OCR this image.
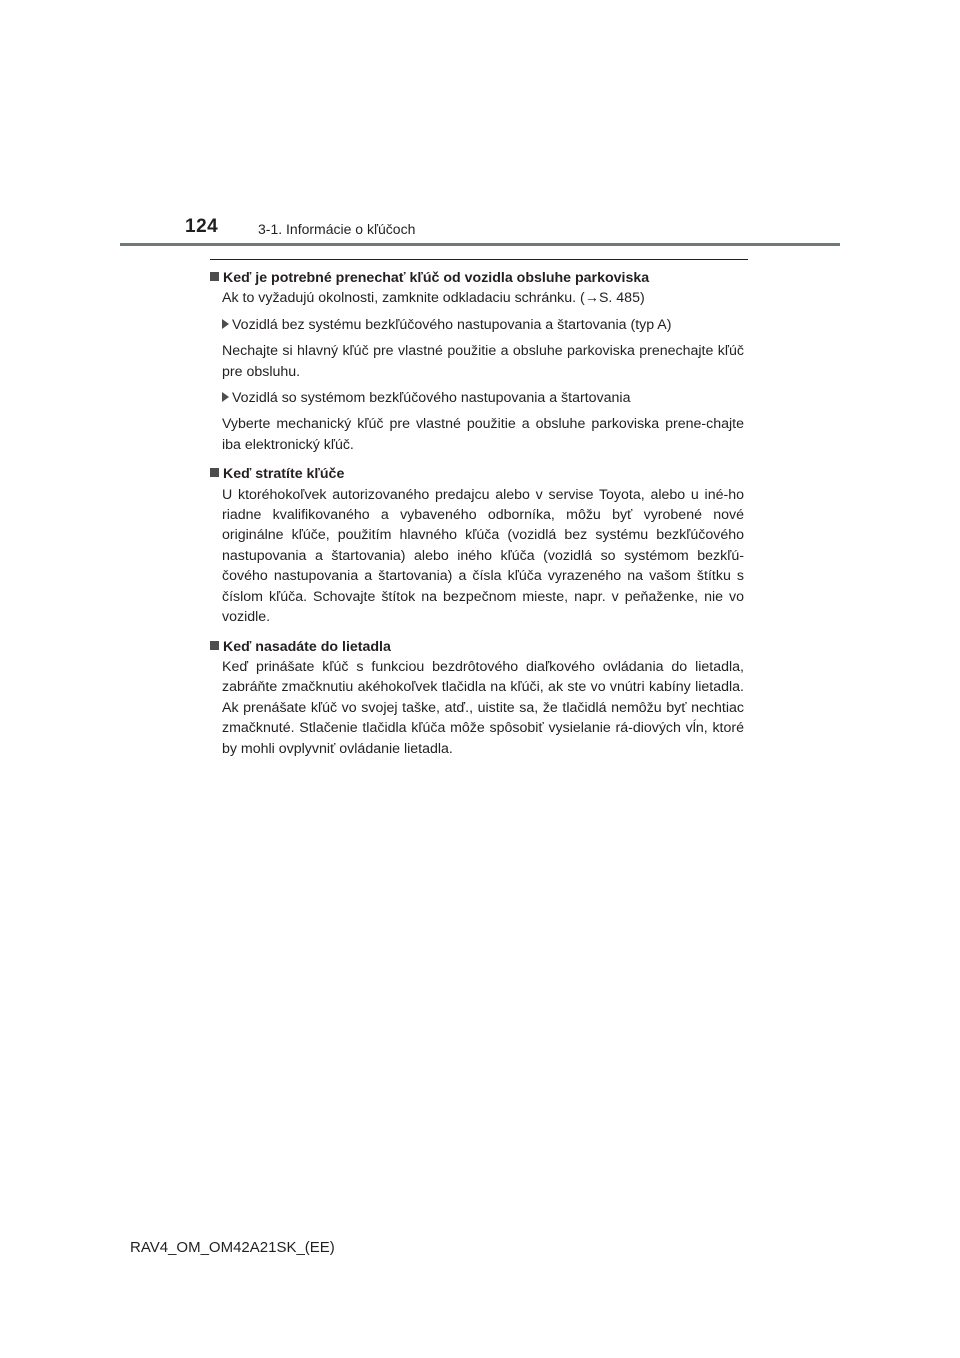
124	3-1. Informácie o kľúčoch

Keď je potrebné prenechať kľúč od vozidla obsluhe parkoviska

Ak to vyžadujú okolnosti, zamknite odkladaciu schránku. (→S. 485)

Vozidlá bez systému bezkľúčového nastupovania a štartovania (typ A)

Nechajte si hlavný kľúč pre vlastné použitie a obsluhe parkoviska prenechajte kľúč pre obsluhu.

Vozidlá so systémom bezkľúčového nastupovania a štartovania

Vyberte mechanický kľúč pre vlastné použitie a obsluhe parkoviska prene-chajte iba elektronický kľúč.

Keď stratíte kľúče

U ktoréhokoľvek autorizovaného predajcu alebo v servise Toyota, alebo u iné-ho riadne kvalifikovaného a vybaveného odborníka, môžu byť vyrobené nové originálne kľúče, použitím hlavného kľúča (vozidlá bez systému bezkľúčového nastupovania a štartovania) alebo iného kľúča (vozidlá so systémom bezkľú-čového nastupovania a štartovania) a čísla kľúča vyrazeného na vašom štítku s číslom kľúča. Schovajte štítok na bezpečnom mieste, napr. v peňaženke, nie vo vozidle.

Keď nasadáte do lietadla

Keď prinášate kľúč s funkciou bezdrôtového diaľkového ovládania do lietadla, zabráňte zmačknutiu akéhokoľvek tlačidla na kľúči, ak ste vo vnútri kabíny lietadla. Ak prenášate kľúč vo svojej taške, atď., uistite sa, že tlačidlá nemôžu byť nechtiac zmačknuté. Stlačenie tlačidla kľúča môže spôsobiť vysielanie rá-diových vĺn, ktoré by mohli ovplyvniť ovládanie lietadla.

RAV4_OM_OM42A21SK_(EE)
